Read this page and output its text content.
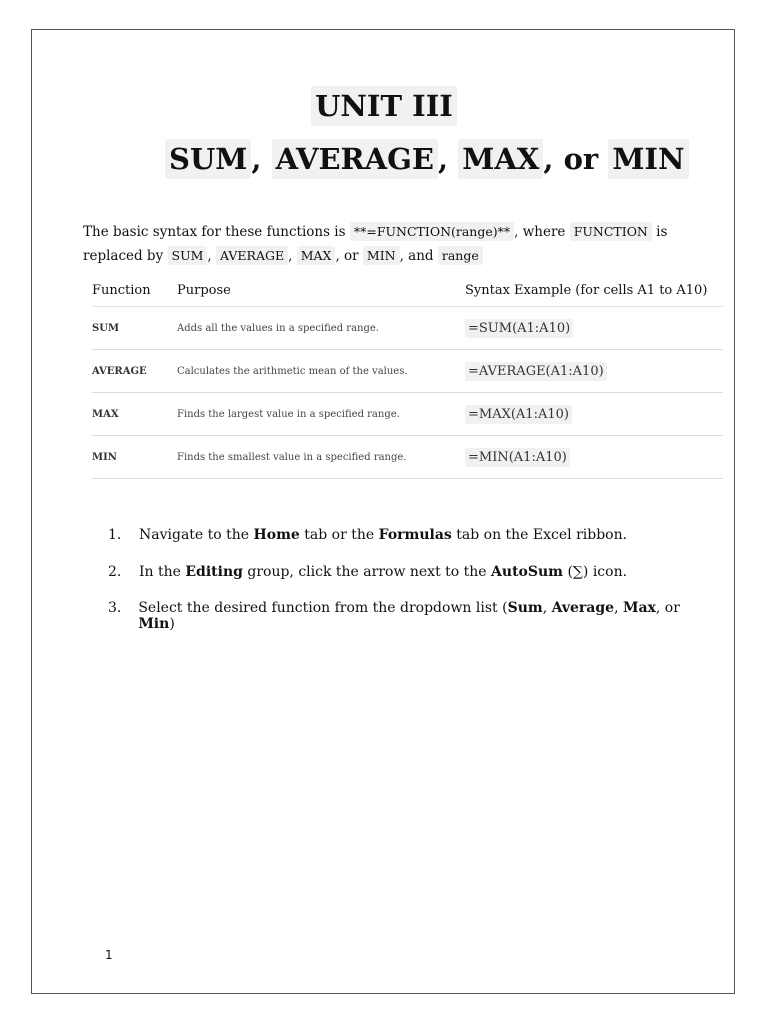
UNIT III
SUM , AVERAGE , MAX , or MIN

The basic syntax for these functions is **=FUNCTION(range)** , where FUNCTION is replaced by SUM , AVERAGE , MAX , or MIN , and range

Function	Purpose	Syntax Example (for cells A1 to A10)
SUM	Adds all the values in a specified range.	=SUM(A1:A10)
AVERAGE	Calculates the arithmetic mean of the values.	=AVERAGE(A1:A10)
MAX	Finds the largest value in a specified range.	=MAX(A1:A10)
MIN	Finds the smallest value in a specified range.	=MIN(A1:A10)
1.	Navigate to the Home tab or the Formulas tab on the Excel ribbon.
2.	In the Editing group, click the arrow next to the AutoSum (∑) icon.
3.	Select the desired function from the dropdown list (Sum, Average, Max, or Min)
1
